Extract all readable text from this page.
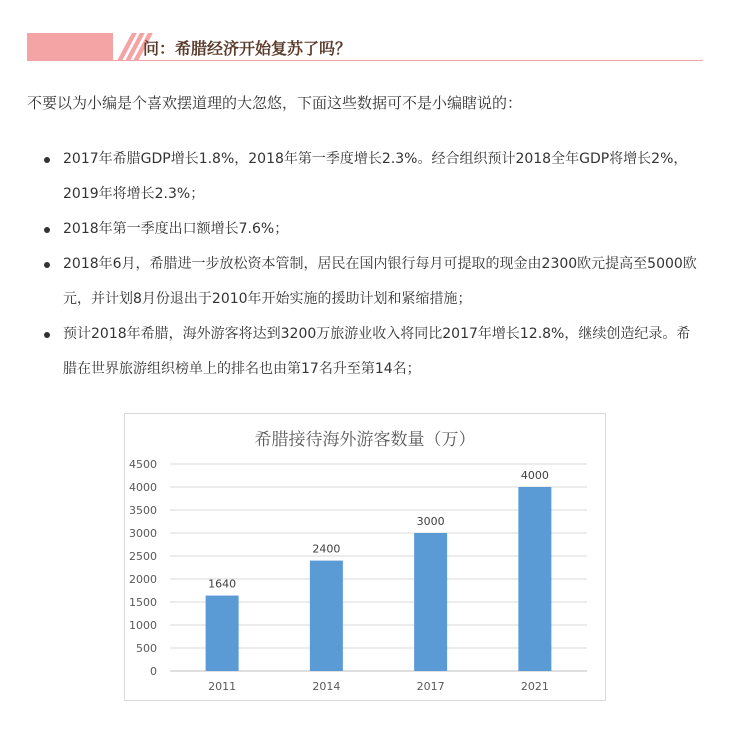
问：希腊经济开始复苏了吗？
不要以为小编是个喜欢摆道理的大忽悠，下面这些数据可不是小编瞎说的：
2017年希腊GDP增长1.8%，2018年第一季度增长2.3%。经合组织预计2018全年GDP将增长2%，2019年将增长2.3%；
2018年第一季度出口额增长7.6%；
2018年6月，希腊进一步放松资本管制，居民在国内银行每月可提取的现金由2300欧元提高至5000欧元，并计划8月份退出于2010年开始实施的援助计划和紧缩措施；
预计2018年希腊，海外游客将达到3200万旅游业收入将同比2017年增长12.8%，继续创造纪录。希腊在世界旅游组织榜单上的排名也由第17名升至第14名；
希腊接待海外游客数量（万）
0
500
1000
1500
2000
2500
3000
3500
4000
4500
1640
2400
3000
4000
2011	2014	2017	2021
